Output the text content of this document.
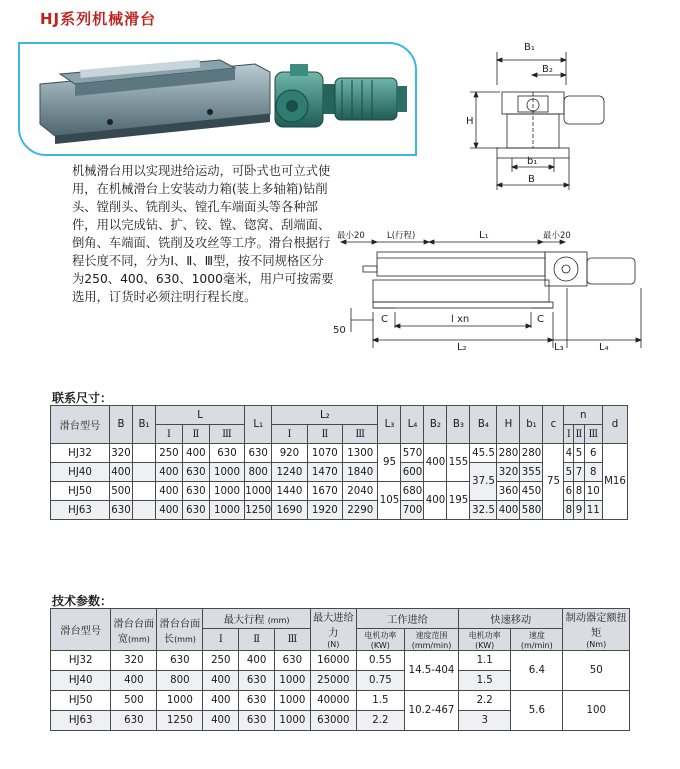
HJ系列机械滑台

机械滑台用以实现进给运动，可卧式也可立式使用，在机械滑台上安装动力箱(装上多轴箱)钻削头、镗削头、铣削头、镗孔车端面头等各种部件，用以完成钻、扩、铰、镗、锪窝、刮端面、倒角、车端面、铣削及攻丝等工序。滑台根据行程长度不同，分为Ⅰ、Ⅱ、Ⅲ型，按不同规格区分为250、400、630、1000毫米，用户可按需要选用，订货时必须注明行程长度。

B₁
B₂
H
b₁
B
最小20	L(行程)	L₁	最小20
C	C
50
l xn
L₂	L₃	L₄
联系尺寸：
滑台型号	B	B₁	L			L₁	L₂			L₃	L₄	B₂	B₃	B₄	H	b₁	c	n			d
			Ⅰ	Ⅱ	Ⅲ		Ⅰ	Ⅱ	Ⅲ									Ⅰ	Ⅱ	Ⅲ	
HJ32	320		250	400	630	630	920	1070	1300	95	570	400	155	45.5	280	280	75	4	5	6	M16
HJ40	400		400	630	1000	800	1240	1470	1840		600			37.5	320	355		5	7	8	
HJ50	500		400	630	1000	1000	1440	1670	2040	105	680	400	195		360	450		6	8	10	
HJ63	630		400	630	1000	1250	1690	1920	2290		700			32.5	400	580		8	9	11	
技术参数：
滑台型号	滑台台面宽(mm)	滑台台面长(mm)	最大行程 (mm)			最大进给力
(N)	工作进给		快速移动		制动器定额扭矩
(Nm)
			Ⅰ	Ⅱ	Ⅲ		电机功率
(KW)	速度范围
(mm/min)	电机功率
(KW)	速度
(m/min)	
HJ32	320	630	250	400	630	16000	0.55	14.5-404	1.1	6.4	50
HJ40	400	800	400	630	1000	25000	0.75		1.5		
HJ50	500	1000	400	630	1000	40000	1.5	10.2-467	2.2	5.6	100
HJ63	630	1250	400	630	1000	63000	2.2		3		
